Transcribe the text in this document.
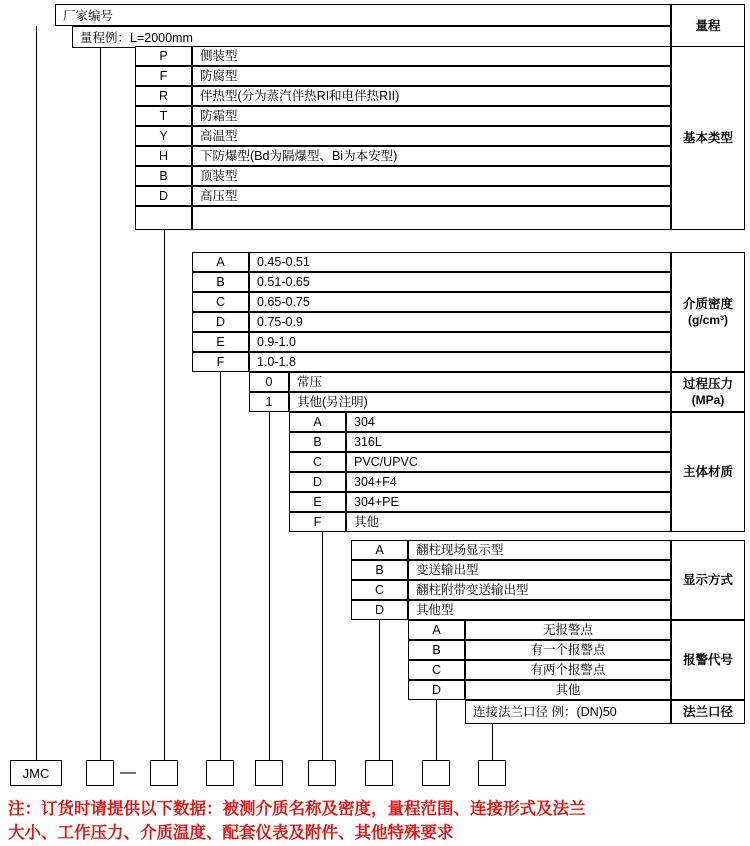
厂家编号
量程例：L=2000mm
量程
P	侧装型
F	防腐型
R	伴热型(分为蒸汽伴热RI和电伴热RII)
T	防霜型
Y	高温型
H	下防爆型(Bd为隔爆型、Bi为本安型)
B	顶装型
D	高压型
基本类型
A	0.45-0.51
B	0.51-0.65
C	0.65-0.75
D	0.75-0.9
E	0.9-1.0
F	1.0-1.8
介质密度
(g/cm³)
0 常压
1 其他(另注明)
过程压力
(MPa)
A	304
B	316L
C	PVC/UPVC
D	304+F4
E	304+PE
F	其他
主体材质
A	翻柱现场显示型
B	变送输出型
C	翻柱附带变送输出型
D	其他型
显示方式
A	无报警点
B	有一个报警点
C	有两个报警点
D	其他
报警代号
连接法兰口径 例：(DN)50	法兰口径
JMC	—
注：订货时请提供以下数据：被测介质名称及密度，量程范围、连接形式及法兰
大小、工作压力、介质温度、配套仪表及附件、其他特殊要求
